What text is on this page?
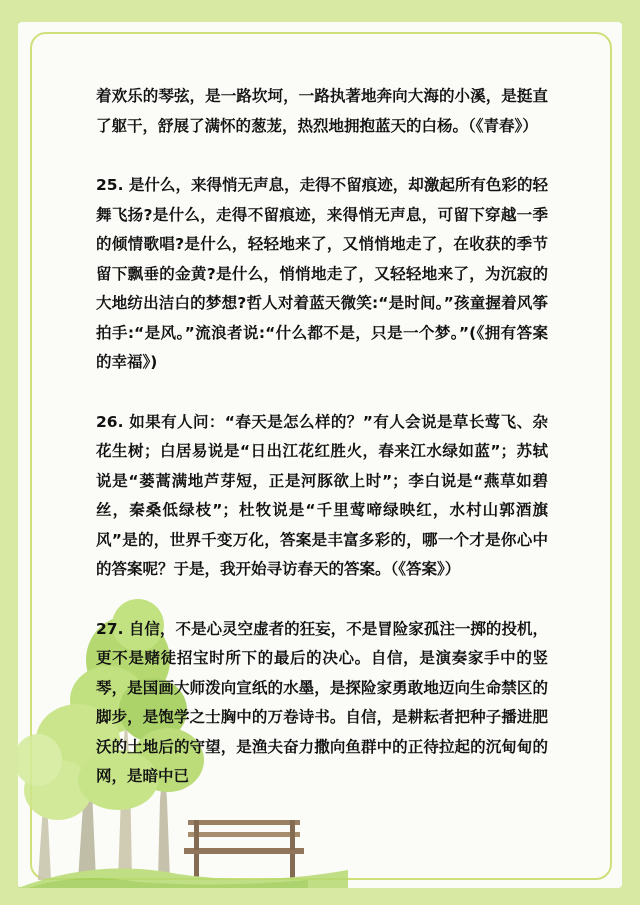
着欢乐的琴弦，是一路坎坷，一路执著地奔向大海的小溪，是挺直了躯干，舒展了满怀的葱茏，热烈地拥抱蓝天的白杨。（《青春》）

25. 是什么，来得悄无声息，走得不留痕迹，却激起所有色彩的轻舞飞扬?是什么，走得不留痕迹，来得悄无声息，可留下穿越一季的倾情歌唱?是什么，轻轻地来了，又悄悄地走了，在收获的季节留下飘垂的金黄?是什么，悄悄地走了，又轻轻地来了，为沉寂的大地纺出洁白的梦想?哲人对着蓝天微笑:“是时间。”孩童握着风筝拍手:“是风。”流浪者说:“什么都不是，只是一个梦。”(《拥有答案的幸福》)

26. 如果有人问：“春天是怎么样的？”有人会说是草长莺飞、杂花生树；白居易说是“日出江花红胜火，春来江水绿如蓝”；苏轼说是“蒌蒿满地芦芽短，正是河豚欲上时”；李白说是“燕草如碧丝，秦桑低绿枝”；杜牧说是“千里莺啼绿映红，水村山郭酒旗风”是的，世界千变万化，答案是丰富多彩的，哪一个才是你心中的答案呢？于是，我开始寻访春天的答案。（《答案》）

27. 自信，不是心灵空虚者的狂妄，不是冒险家孤注一掷的投机，更不是赌徒招宝时所下的最后的决心。自信，是演奏家手中的竖琴，是国画大师泼向宣纸的水墨，是探险家勇敢地迈向生命禁区的脚步，是饱学之士胸中的万卷诗书。自信，是耕耘者把种子播进肥沃的土地后的守望，是渔夫奋力撒向鱼群中的正待拉起的沉甸甸的网，是暗中已
